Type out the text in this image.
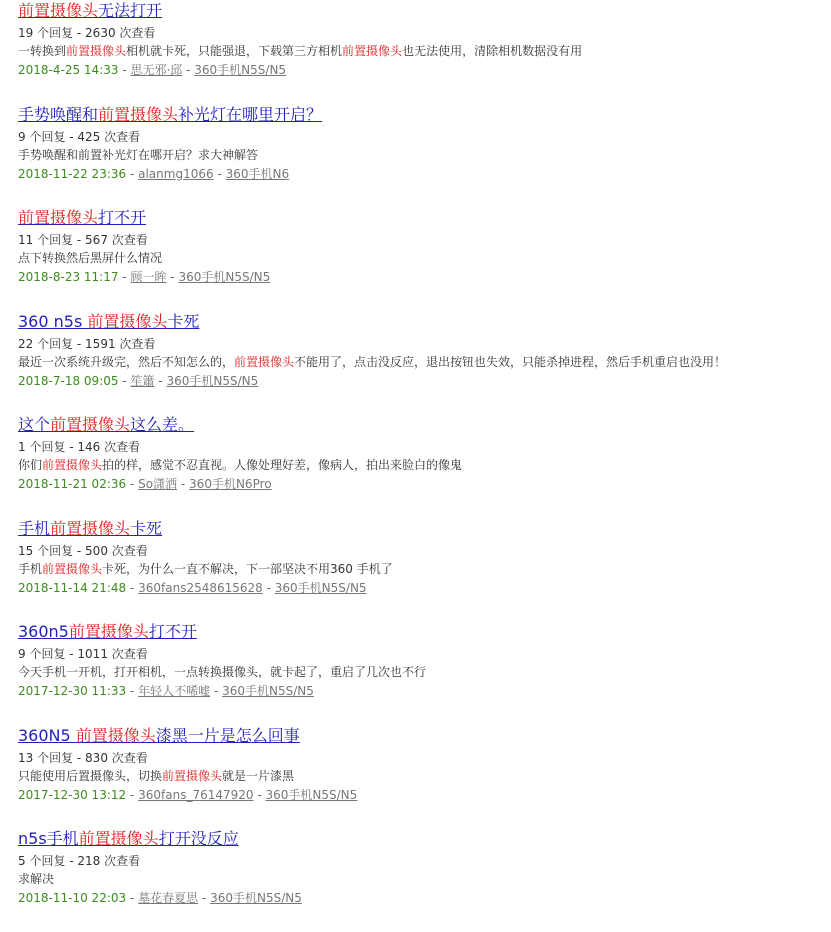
前置摄像头无法打开
19 个回复 - 2630 次查看
一转换到前置摄像头相机就卡死，只能强退，下载第三方相机前置摄像头也无法使用，清除相机数据没有用
2018-4-25 14:33 - 思无邪·邱 - 360手机N5S/N5
手势唤醒和前置摄像头补光灯在哪里开启？
9 个回复 - 425 次查看
手势唤醒和前置补光灯在哪开启？求大神解答
2018-11-22 23:36 - alanmg1066 - 360手机N6
前置摄像头打不开
11 个回复 - 567 次查看
点下转换然后黑屏什么情况
2018-8-23 11:17 - 顾一眸 - 360手机N5S/N5
360 n5s 前置摄像头卡死
22 个回复 - 1591 次查看
最近一次系统升级完，然后不知怎么的，前置摄像头不能用了，点击没反应，退出按钮也失效，只能杀掉进程，然后手机重启也没用！
2018-7-18 09:05 - 笙簫 - 360手机N5S/N5
这个前置摄像头这么差。
1 个回复 - 146 次查看
你们前置摄像头拍的样，感觉不忍直视。人像处理好差，像病人，拍出来脸白的像鬼
2018-11-21 02:36 - So潇洒 - 360手机N6Pro
手机前置摄像头卡死
15 个回复 - 500 次查看
手机前置摄像头卡死，为什么一直不解决，下一部坚决不用360 手机了
2018-11-14 21:48 - 360fans2548615628 - 360手机N5S/N5
360n5前置摄像头打不开
9 个回复 - 1011 次查看
今天手机一开机，打开相机，一点转换摄像头，就卡起了，重启了几次也不行
2017-12-30 11:33 - 年轻人不唏嘘 - 360手机N5S/N5
360N5 前置摄像头漆黑一片是怎么回事
13 个回复 - 830 次查看
只能使用后置摄像头，切换前置摄像头就是一片漆黑
2017-12-30 13:12 - 360fans_76147920 - 360手机N5S/N5
n5s手机前置摄像头打开没反应
5 个回复 - 218 次查看
求解决
2018-11-10 22:03 - 墓花春夏思 - 360手机N5S/N5
